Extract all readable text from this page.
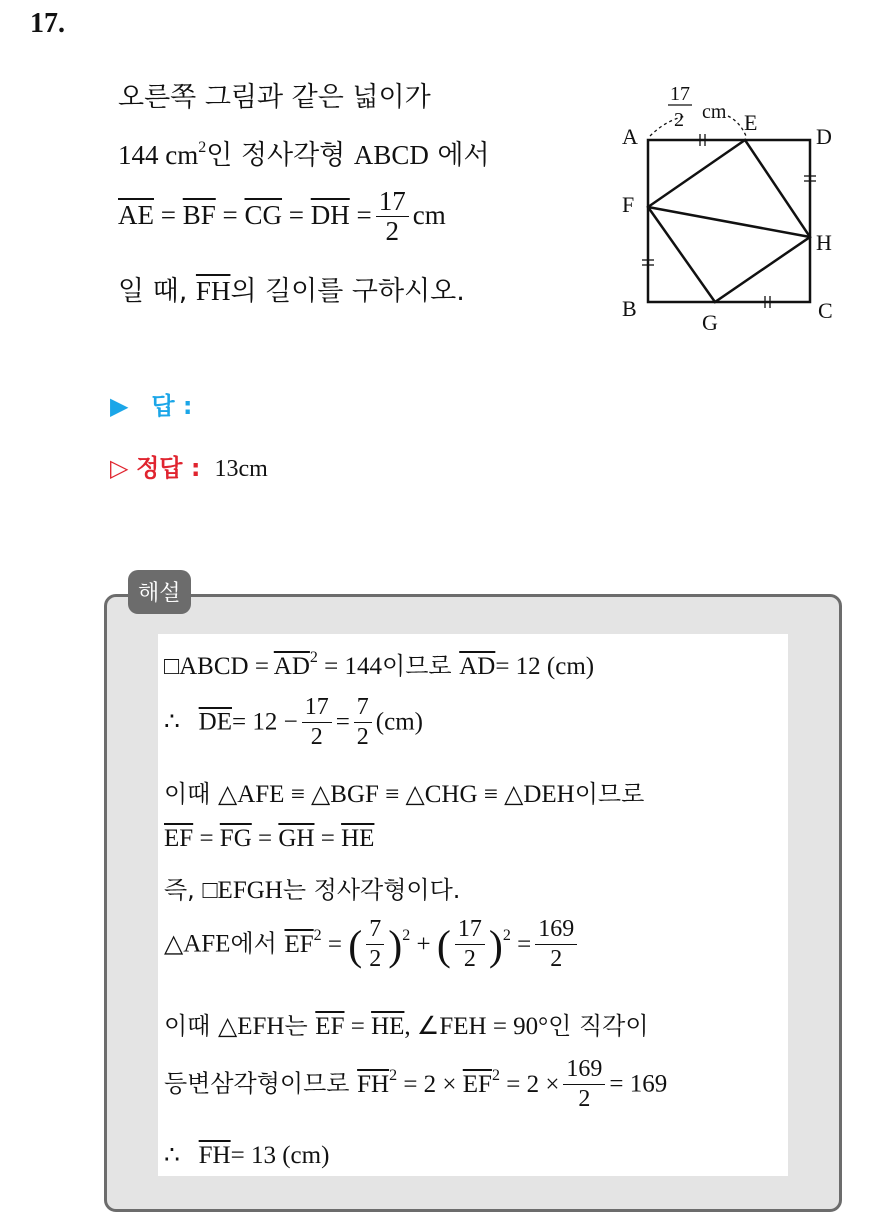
17.
오른쪽 그림과 같은 넓이가
144 $cm^2$인 정사각형 ABCD 에서
$\overline{AE} = \overline{BF} = \overline{CG} = \overline{DH} = \frac{17}{2}$ cm
일 때, $\overline{FH}$의 길이를 구하시오.
A
B	C
D
E
F
G
H
17
2 cm
▶ 답 :
▷ 정답 : 13cm
해설
□ABCD = $\overline{AD}^2 = 144$이므로 $\overline{AD}= 12$ (cm)
∴ $\overline{DE}= 12 - \frac{17}{2} = \frac{7}{2} (cm)$
이때 △AFE ≡ △BGF ≡ △CHG ≡ △DEH이므로
$\overline{EF} = \overline{FG} = \overline{GH} = \overline{HE}$
즉, □EFGH는 정사각형이다.
△AFE에서 $\overline{EF}^2$ = ( $\frac{7}{2} )^2$ + ( $\frac{17}{2} )^2 = \frac{169}{2}$
이때 △EFH는 $\overline{EF} = \overline{HE}$, ∠FEH = 90°인 직각이
등변삼각형이므로 $\overline{FH}^2 = 2 \times \overline{EF}^2 = 2 \times \frac{169}{2} = 169$
∴ $\overline{FH}= 13$ (cm)
